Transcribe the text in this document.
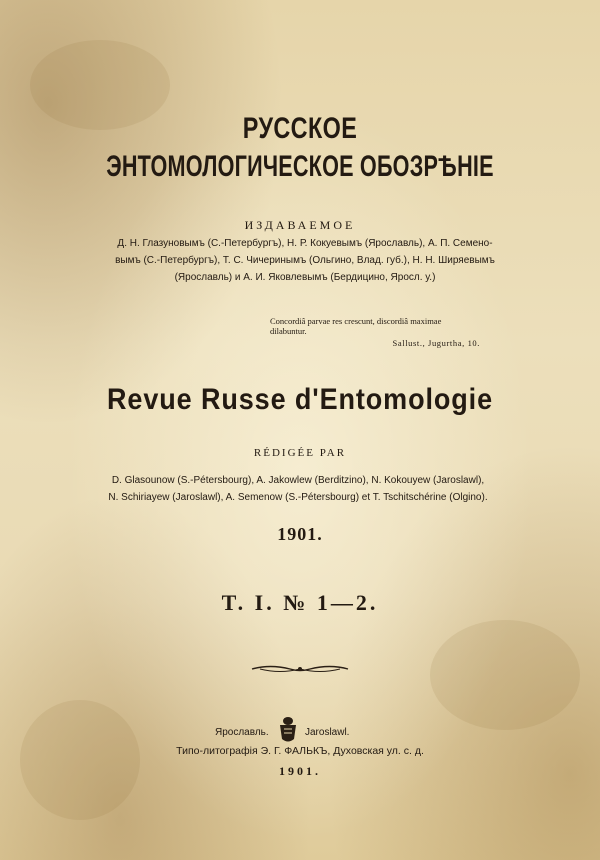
РУССКОЕ
ЭНТОМОЛОГИЧЕСКОЕ ОБОЗРѢНІЕ
ИЗДАВАЕМОЕ
Д. Н. Глазуновымъ (С.-Петербургъ), Н. Р. Кокуевымъ (Ярославль), А. П. Семено-
вымъ (С.-Петербургъ), Т. С. Чичеринымъ (Ольгино, Влад. губ.), Н. Н. Ширяевымъ
(Ярославль) и А. И. Яковлевымъ (Бердицино, Яросл. у.)
Concordiâ parvae res crescunt, discordiâ maximae dilabuntur.
Sallust., Jugurtha, 10.
Revue Russe d'Entomologie
RÉDIGÉE PAR
D. Glasounow (S.-Pétersbourg), A. Jakowlew (Berditzino), N. Kokouyew (Jaroslawl),
N. Schiriayew (Jaroslawl), A. Semenow (S.-Pétersbourg) et T. Tschitschérine (Olgino).
1901.
T. I. № 1—2.
Ярославль.	Jaroslawl.
Типо-литографія Э. Г. ФАЛЬКЪ, Духовская ул. с. д.
1901.
